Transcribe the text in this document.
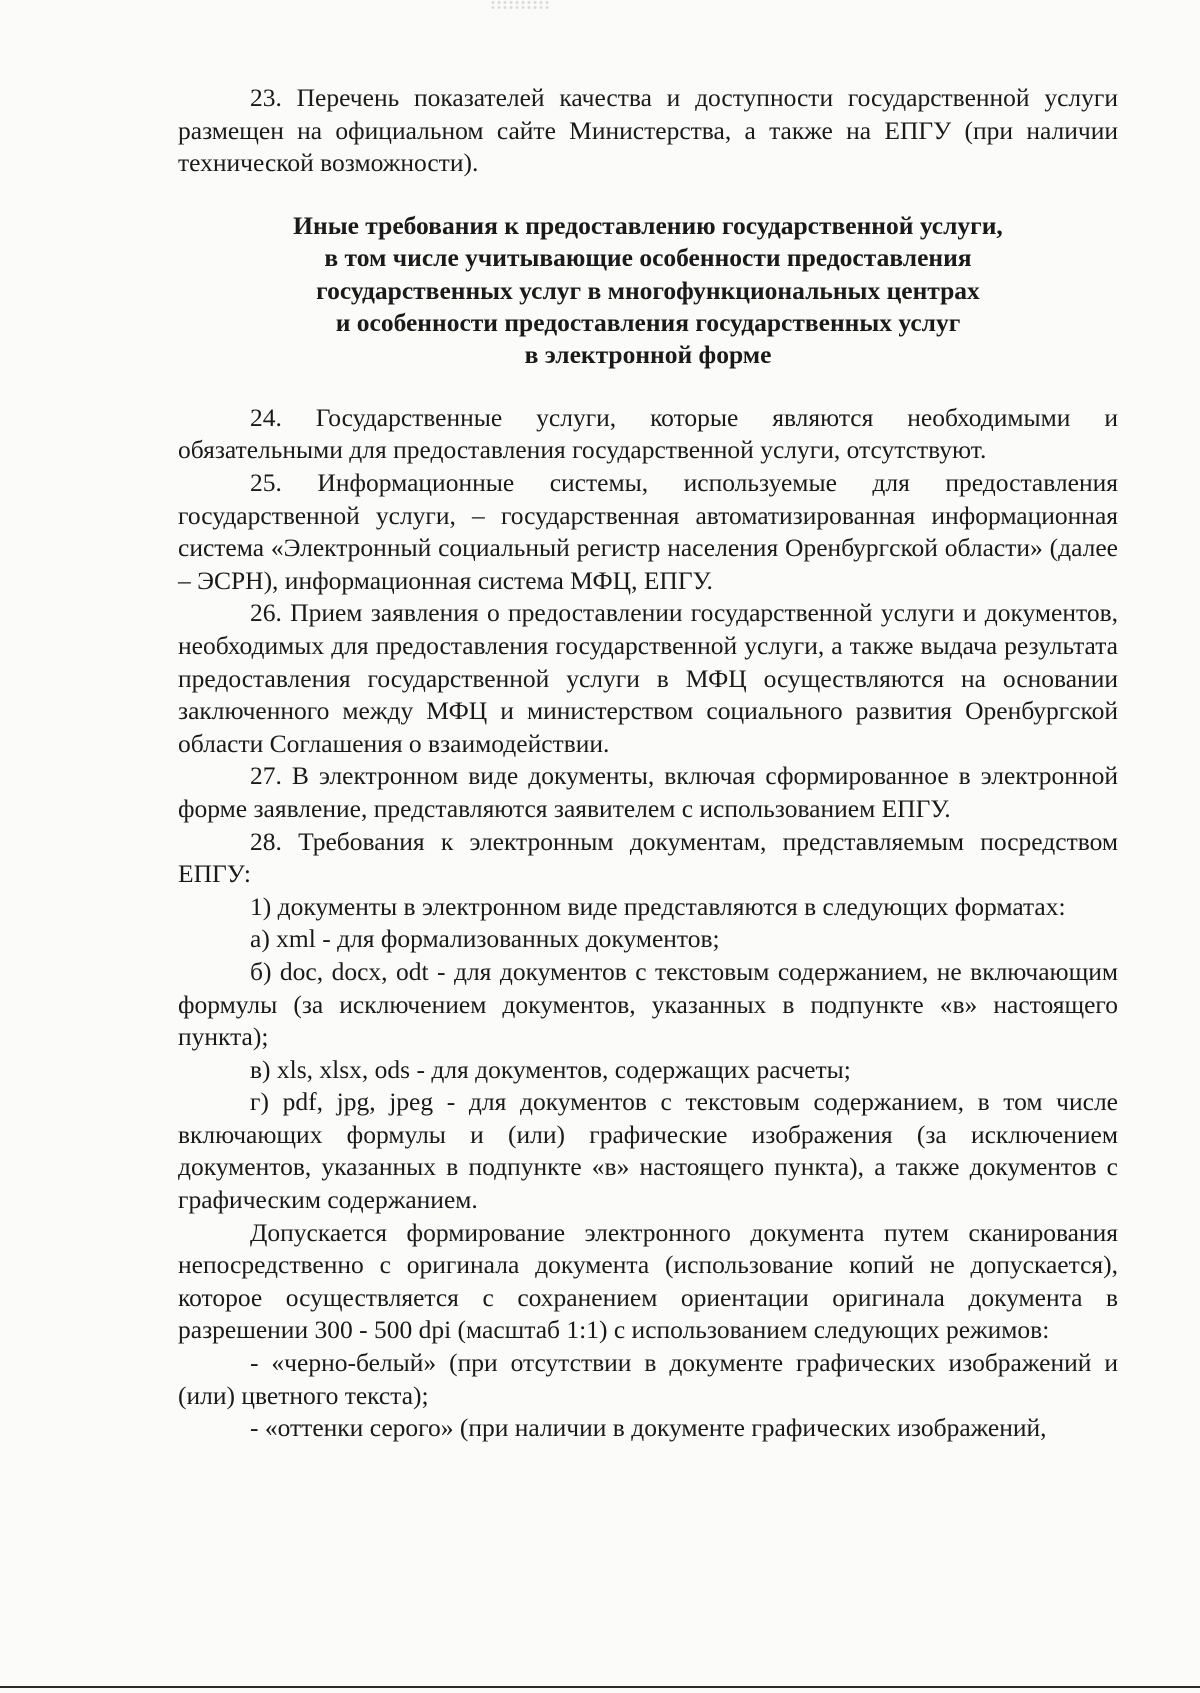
23. Перечень показателей качества и доступности государственной услуги размещен на официальном сайте Министерства, а также на ЕПГУ (при наличии технической возможности).

Иные требования к предоставлению государственной услуги,
в том числе учитывающие особенности предоставления
государственных услуг в многофункциональных центрах
и особенности предоставления государственных услуг
в электронной форме

24. Государственные услуги, которые являются необходимыми и обязательными для предоставления государственной услуги, отсутствуют.

25. Информационные системы, используемые для предоставления государственной услуги, – государственная автоматизированная информационная система «Электронный социальный регистр населения Оренбургской области» (далее – ЭСРН), информационная система МФЦ, ЕПГУ.

26. Прием заявления о предоставлении государственной услуги и документов, необходимых для предоставления государственной услуги, а также выдача результата предоставления государственной услуги в МФЦ осуществляются на основании заключенного между МФЦ и министерством социального развития Оренбургской области Соглашения о взаимодействии.

27. В электронном виде документы, включая сформированное в электронной форме заявление, представляются заявителем с использованием ЕПГУ.

28. Требования к электронным документам, представляемым посредством ЕПГУ:

1) документы в электронном виде представляются в следующих форматах:

а) xml - для формализованных документов;

б) doc, docx, odt - для документов с текстовым содержанием, не включающим формулы (за исключением документов, указанных в подпункте «в» настоящего пункта);

в) xls, xlsx, ods - для документов, содержащих расчеты;

г) pdf, jpg, jpeg - для документов с текстовым содержанием, в том числе включающих формулы и (или) графические изображения (за исключением документов, указанных в подпункте «в» настоящего пункта), а также документов с графическим содержанием.

Допускается формирование электронного документа путем сканирования непосредственно с оригинала документа (использование копий не допускается), которое осуществляется с сохранением ориентации оригинала документа в разрешении 300 - 500 dpi (масштаб 1:1) с использованием следующих режимов:

- «черно-белый» (при отсутствии в документе графических изображений и (или) цветного текста);

- «оттенки серого» (при наличии в документе графических изображений,
